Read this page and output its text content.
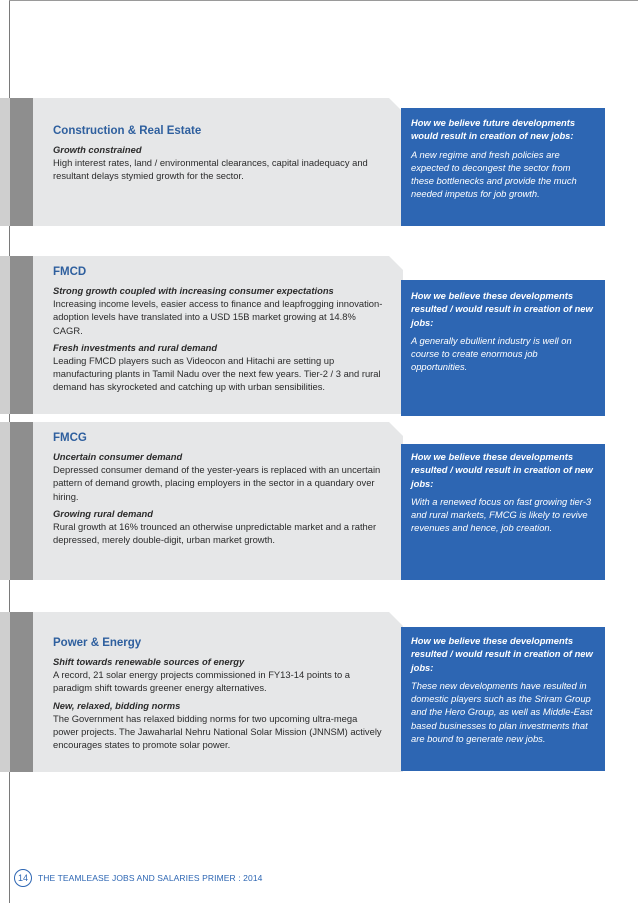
Construction & Real Estate

Growth constrained

High interest rates, land / environmental clearances, capital inadequacy and resultant delays stymied growth for the sector.

How we believe future developments would result in creation of new jobs:

A new regime and fresh policies are expected to decongest the sector from these bottlenecks and provide the much needed impetus for job growth.

FMCD

Strong growth coupled with increasing consumer expectations

Increasing income levels, easier access to finance and leapfrogging innovation-adoption levels have translated into a USD 15B market growing at 14.8% CAGR.

Fresh investments and rural demand

Leading FMCD players such as Videocon and Hitachi are setting up manufacturing plants in Tamil Nadu over the next few years. Tier-2 / 3 and rural demand has skyrocketed and catching up with urban sensibilities.

How we believe these developments resulted / would result in creation of new jobs:

A generally ebullient industry is well on course to create enormous job opportunities.

FMCG

Uncertain consumer demand

Depressed consumer demand of the yester-years is replaced with an uncertain pattern of demand growth, placing employers in the sector in a quandary over hiring.

Growing rural demand

Rural growth at 16% trounced an otherwise unpredictable market and a rather depressed, merely double-digit, urban market growth.

How we believe these developments resulted / would result in creation of new jobs:

With a renewed focus on fast growing tier-3 and rural markets, FMCG is likely to revive revenues and hence, job creation.

Power & Energy

Shift towards renewable sources of energy

A record, 21 solar energy projects commissioned in FY13-14 points to a paradigm shift towards greener energy alternatives.

New, relaxed, bidding norms

The Government has relaxed bidding norms for two upcoming ultra-mega power projects. The Jawaharlal Nehru National Solar Mission (JNNSM) actively encourages states to promote solar power.

How we believe these developments resulted / would result in creation of new jobs:

These new developments have resulted in domestic players such as the Sriram Group and the Hero Group, as well as Middle-East based businesses to plan investments that are bound to generate new jobs.

14	THE TEAMLEASE JOBS AND SALARIES PRIMER : 2014
